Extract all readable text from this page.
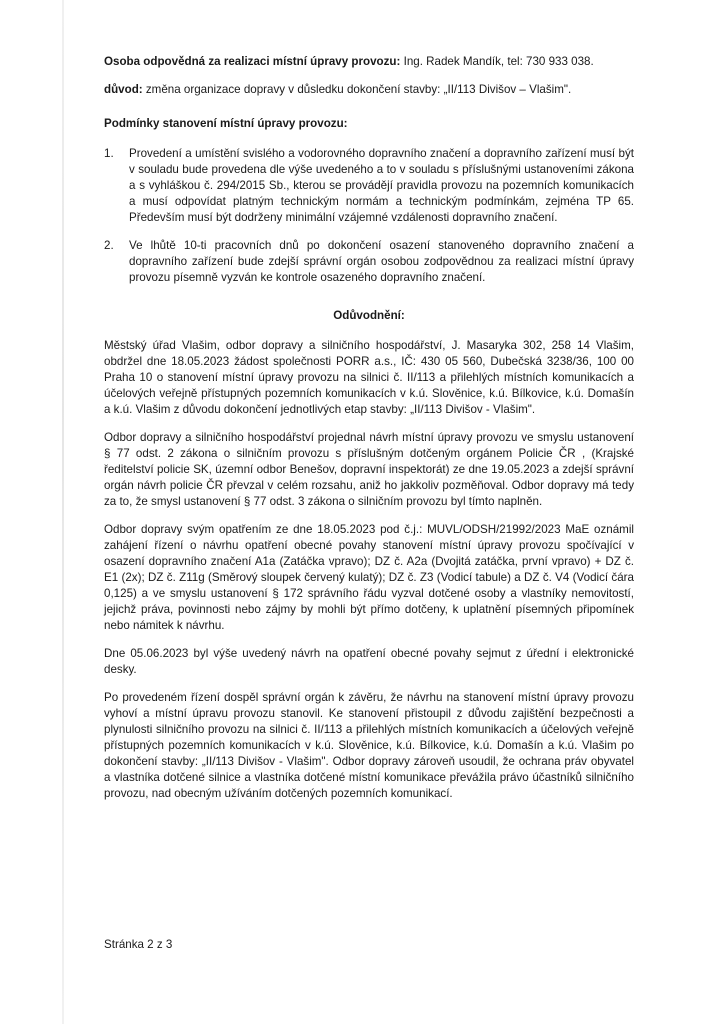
Osoba odpovědná za realizaci místní úpravy provozu: Ing. Radek Mandík, tel: 730 933 038.

důvod: změna organizace dopravy v důsledku dokončení stavby: „II/113 Divišov – Vlašim".

Podmínky stanovení místní úpravy provozu:

1.	Provedení a umístění svislého a vodorovného dopravního značení a dopravního zařízení musí být v souladu bude provedena dle výše uvedeného a to v souladu s příslušnými ustanoveními zákona a s vyhláškou č. 294/2015 Sb., kterou se provádějí pravidla provozu na pozemních komunikacích a musí odpovídat platným technickým normám a technickým podmínkám, zejména TP 65. Především musí být dodrženy minimální vzájemné vzdálenosti dopravního značení.
2.	Ve lhůtě 10-ti pracovních dnů po dokončení osazení stanoveného dopravního značení a dopravního zařízení bude zdejší správní orgán osobou zodpovědnou za realizaci místní úpravy provozu písemně vyzván ke kontrole osazeného dopravního značení.

Odůvodnění:

Městský úřad Vlašim, odbor dopravy a silničního hospodářství, J. Masaryka 302, 258 14 Vlašim, obdržel dne 18.05.2023 žádost společnosti PORR a.s., IČ: 430 05 560, Dubečská 3238/36, 100 00 Praha 10 o stanovení místní úpravy provozu na silnici č. II/113 a přilehlých místních komunikacích a účelových veřejně přístupných pozemních komunikacích v k.ú. Slověnice, k.ú. Bílkovice, k.ú. Domašín a k.ú. Vlašim z důvodu dokončení jednotlivých etap stavby: „II/113 Divišov - Vlašim".

Odbor dopravy a silničního hospodářství projednal návrh místní úpravy provozu ve smyslu ustanovení § 77 odst. 2 zákona o silničním provozu s příslušným dotčeným orgánem Policie ČR , (Krajské ředitelství policie SK, územní odbor Benešov, dopravní inspektorát) ze dne 19.05.2023 a zdejší správní orgán návrh policie ČR převzal v celém rozsahu, aniž ho jakkoliv pozměňoval. Odbor dopravy má tedy za to, že smysl ustanovení § 77 odst. 3 zákona o silničním provozu byl tímto naplněn.

Odbor dopravy svým opatřením ze dne 18.05.2023 pod č.j.: MUVL/ODSH/21992/2023 MaE oznámil zahájení řízení o návrhu opatření obecné povahy stanovení místní úpravy provozu spočívající v osazení dopravního značení A1a (Zatáčka vpravo); DZ č. A2a (Dvojitá zatáčka, první vpravo) + DZ č. E1 (2x); DZ č. Z11g (Směrový sloupek červený kulatý); DZ č. Z3 (Vodicí tabule) a DZ č. V4 (Vodicí čára 0,125) a ve smyslu ustanovení § 172 správního řádu vyzval dotčené osoby a vlastníky nemovitostí, jejichž práva, povinnosti nebo zájmy by mohli být přímo dotčeny, k uplatnění písemných připomínek nebo námitek k návrhu.

Dne 05.06.2023 byl výše uvedený návrh na opatření obecné povahy sejmut z úřední i elektronické desky.

Po provedeném řízení dospěl správní orgán k závěru, že návrhu na stanovení místní úpravy provozu vyhoví a místní úpravu provozu stanovil. Ke stanovení přistoupil z důvodu zajištění bezpečnosti a plynulosti silničního provozu na silnici č. II/113 a přilehlých místních komunikacích a účelových veřejně přístupných pozemních komunikacích v k.ú. Slověnice, k.ú. Bílkovice, k.ú. Domašín a k.ú. Vlašim po dokončení stavby: „II/113 Divišov - Vlašim". Odbor dopravy zároveň usoudil, že ochrana práv obyvatel a vlastníka dotčené silnice a vlastníka dotčené místní komunikace převážila právo účastníků silničního provozu, nad obecným užíváním dotčených pozemních komunikací.

Stránka 2 z 3
